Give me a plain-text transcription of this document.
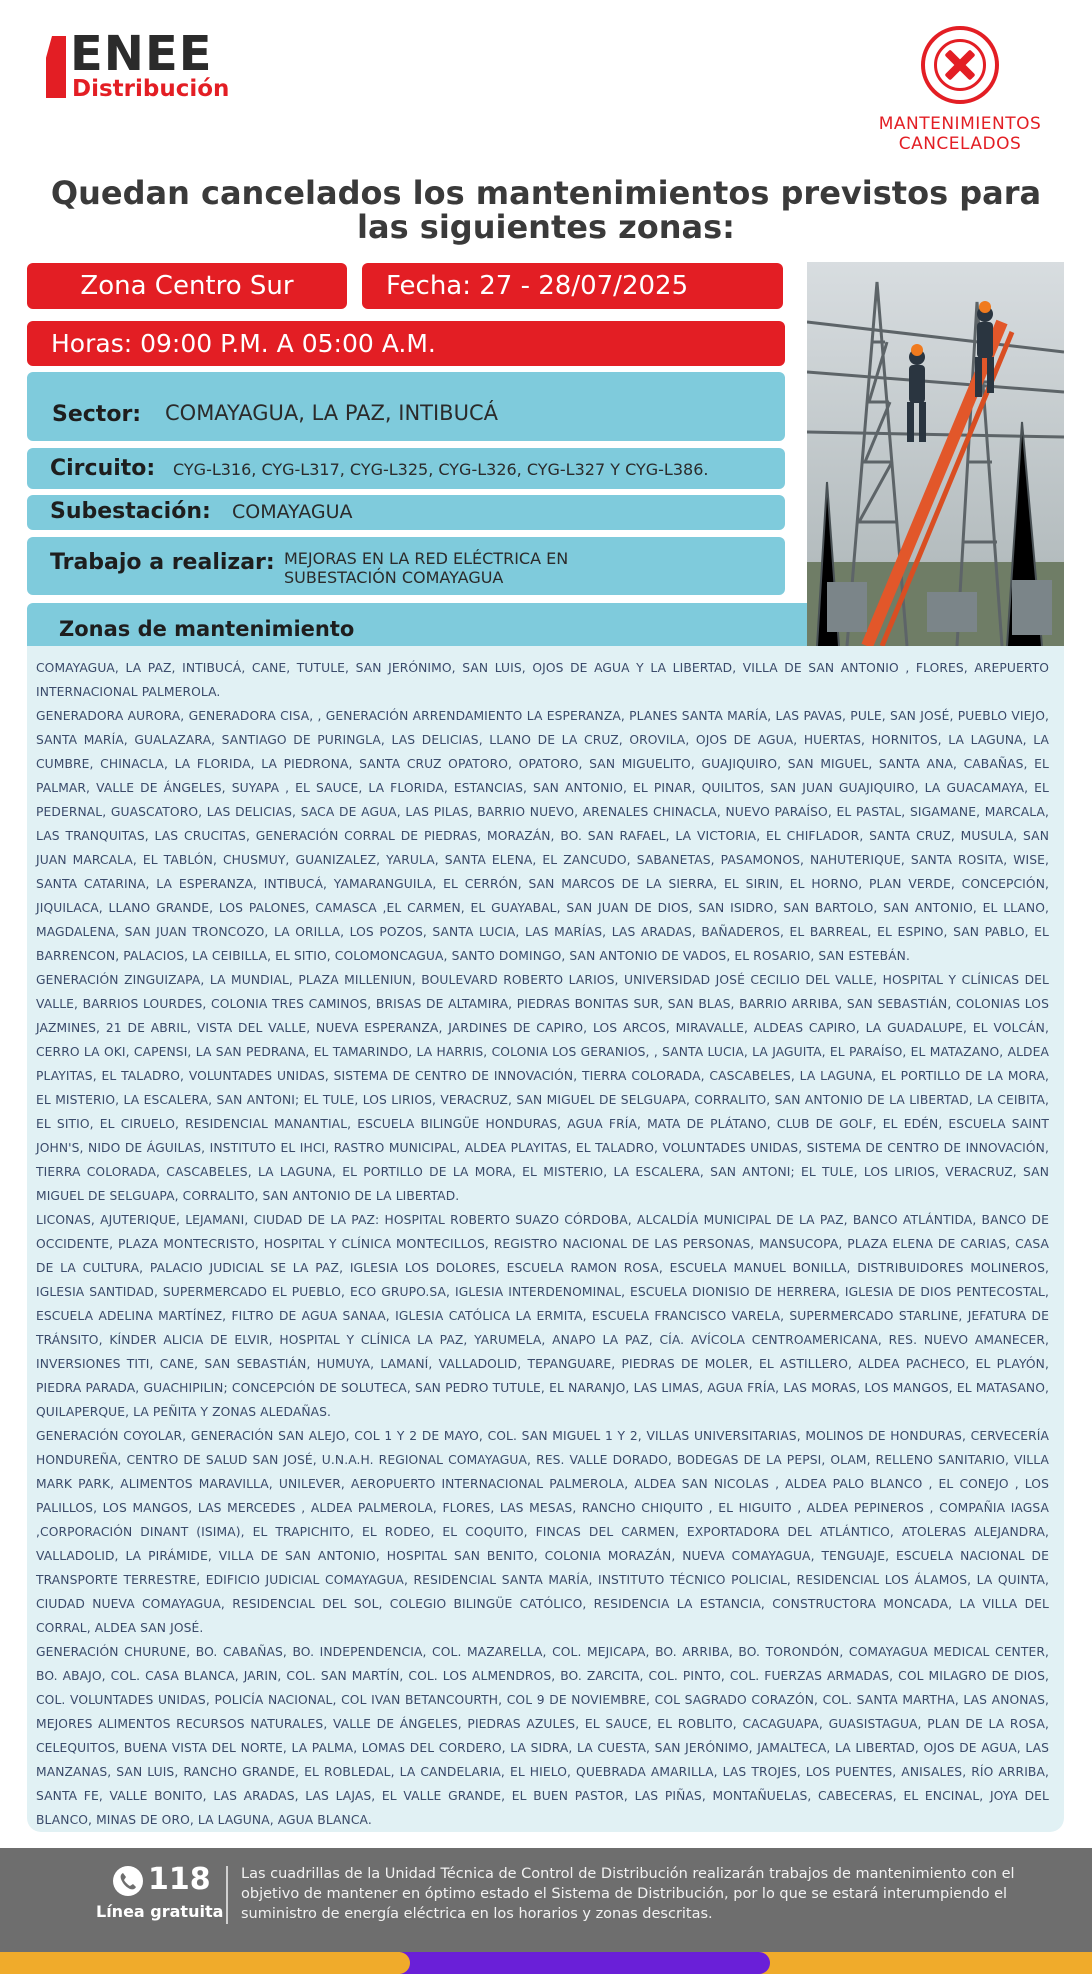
ENEE
Distribución
MANTENIMIENTOS CANCELADOS
Quedan cancelados los mantenimientos previstos para las siguientes zonas:
Zona Centro Sur	Fecha: 27 - 28/07/2025
Horas: 09:00 P.M. A 05:00 A.M.
Sector: COMAYAGUA, LA PAZ, INTIBUCÁ
Circuito: CYG-L316, CYG-L317, CYG-L325, CYG-L326, CYG-L327 Y CYG-L386.
Subestación: COMAYAGUA
Trabajo a realizar: MEJORAS EN LA RED ELÉCTRICA EN SUBESTACIÓN COMAYAGUA
Zonas de mantenimiento

COMAYAGUA, LA PAZ, INTIBUCÁ, CANE, TUTULE, SAN JERÓNIMO, SAN LUIS, OJOS DE AGUA Y LA LIBERTAD, VILLA DE SAN ANTONIO , FLORES, AREPUERTO INTERNACIONAL PALMEROLA.

GENERADORA AURORA, GENERADORA CISA, , GENERACIÓN ARRENDAMIENTO LA ESPERANZA, PLANES SANTA MARÍA, LAS PAVAS, PULE, SAN JOSÉ, PUEBLO VIEJO, SANTA MARÍA, GUALAZARA, SANTIAGO DE PURINGLA, LAS DELICIAS, LLANO DE LA CRUZ, OROVILA, OJOS DE AGUA, HUERTAS, HORNITOS, LA LAGUNA, LA CUMBRE, CHINACLA, LA FLORIDA, LA PIEDRONA, SANTA CRUZ OPATORO, OPATORO, SAN MIGUELITO, GUAJIQUIRO, SAN MIGUEL, SANTA ANA, CABAÑAS, EL PALMAR, VALLE DE ÁNGELES, SUYAPA , EL SAUCE, LA FLORIDA, ESTANCIAS, SAN ANTONIO, EL PINAR, QUILITOS, SAN JUAN GUAJIQUIRO, LA GUACAMAYA, EL PEDERNAL, GUASCATORO, LAS DELICIAS, SACA DE AGUA, LAS PILAS, BARRIO NUEVO, ARENALES CHINACLA, NUEVO PARAÍSO, EL PASTAL, SIGAMANE, MARCALA, LAS TRANQUITAS, LAS CRUCITAS, GENERACIÓN CORRAL DE PIEDRAS, MORAZÁN, BO. SAN RAFAEL, LA VICTORIA, EL CHIFLADOR, SANTA CRUZ, MUSULA, SAN JUAN MARCALA, EL TABLÓN, CHUSMUY, GUANIZALEZ, YARULA, SANTA ELENA, EL ZANCUDO, SABANETAS, PASAMONOS, NAHUTERIQUE, SANTA ROSITA, WISE, SANTA CATARINA, LA ESPERANZA, INTIBUCÁ, YAMARANGUILA, EL CERRÓN, SAN MARCOS DE LA SIERRA, EL SIRIN, EL HORNO, PLAN VERDE, CONCEPCIÓN, JIQUILACA, LLANO GRANDE, LOS PALONES, CAMASCA ,EL CARMEN, EL GUAYABAL, SAN JUAN DE DIOS, SAN ISIDRO, SAN BARTOLO, SAN ANTONIO, EL LLANO, MAGDALENA, SAN JUAN TRONCOZO, LA ORILLA, LOS POZOS, SANTA LUCIA, LAS MARÍAS, LAS ARADAS, BAÑADEROS, EL BARREAL, EL ESPINO, SAN PABLO, EL BARRENCON, PALACIOS, LA CEIBILLA, EL SITIO, COLOMONCAGUA, SANTO DOMINGO, SAN ANTONIO DE VADOS, EL ROSARIO, SAN ESTEBÁN.

GENERACIÓN ZINGUIZAPA, LA MUNDIAL, PLAZA MILLENIUN, BOULEVARD ROBERTO LARIOS, UNIVERSIDAD JOSÉ CECILIO DEL VALLE, HOSPITAL Y CLÍNICAS DEL VALLE, BARRIOS LOURDES, COLONIA TRES CAMINOS, BRISAS DE ALTAMIRA, PIEDRAS BONITAS SUR, SAN BLAS, BARRIO ARRIBA, SAN SEBASTIÁN, COLONIAS LOS JAZMINES, 21 DE ABRIL, VISTA DEL VALLE, NUEVA ESPERANZA, JARDINES DE CAPIRO, LOS ARCOS, MIRAVALLE, ALDEAS CAPIRO, LA GUADALUPE, EL VOLCÁN, CERRO LA OKI, CAPENSI, LA SAN PEDRANA, EL TAMARINDO, LA HARRIS, COLONIA LOS GERANIOS, , SANTA LUCIA, LA JAGUITA, EL PARAÍSO, EL MATAZANO, ALDEA PLAYITAS, EL TALADRO, VOLUNTADES UNIDAS, SISTEMA DE CENTRO DE INNOVACIÓN, TIERRA COLORADA, CASCABELES, LA LAGUNA, EL PORTILLO DE LA MORA, EL MISTERIO, LA ESCALERA, SAN ANTONI; EL TULE, LOS LIRIOS, VERACRUZ, SAN MIGUEL DE SELGUAPA, CORRALITO, SAN ANTONIO DE LA LIBERTAD, LA CEIBITA, EL SITIO, EL CIRUELO, RESIDENCIAL MANANTIAL, ESCUELA BILINGÜE HONDURAS, AGUA FRÍA, MATA DE PLÁTANO, CLUB DE GOLF, EL EDÉN, ESCUELA SAINT JOHN'S, NIDO DE ÁGUILAS, INSTITUTO EL IHCI, RASTRO MUNICIPAL, ALDEA PLAYITAS, EL TALADRO, VOLUNTADES UNIDAS, SISTEMA DE CENTRO DE INNOVACIÓN, TIERRA COLORADA, CASCABELES, LA LAGUNA, EL PORTILLO DE LA MORA, EL MISTERIO, LA ESCALERA, SAN ANTONI; EL TULE, LOS LIRIOS, VERACRUZ, SAN MIGUEL DE SELGUAPA, CORRALITO, SAN ANTONIO DE LA LIBERTAD.

LICONAS, AJUTERIQUE, LEJAMANI, CIUDAD DE LA PAZ: HOSPITAL ROBERTO SUAZO CÓRDOBA, ALCALDÍA MUNICIPAL DE LA PAZ, BANCO ATLÁNTIDA, BANCO DE OCCIDENTE, PLAZA MONTECRISTO, HOSPITAL Y CLÍNICA MONTECILLOS, REGISTRO NACIONAL DE LAS PERSONAS, MANSUCOPA, PLAZA ELENA DE CARIAS, CASA DE LA CULTURA, PALACIO JUDICIAL SE LA PAZ, IGLESIA LOS DOLORES, ESCUELA RAMON ROSA, ESCUELA MANUEL BONILLA, DISTRIBUIDORES MOLINEROS, IGLESIA SANTIDAD, SUPERMERCADO EL PUEBLO, ECO GRUPO.SA, IGLESIA INTERDENOMINAL, ESCUELA DIONISIO DE HERRERA, IGLESIA DE DIOS PENTECOSTAL, ESCUELA ADELINA MARTÍNEZ, FILTRO DE AGUA SANAA, IGLESIA CATÓLICA LA ERMITA, ESCUELA FRANCISCO VARELA, SUPERMERCADO STARLINE, JEFATURA DE TRÁNSITO, KÍNDER ALICIA DE ELVIR, HOSPITAL Y CLÍNICA LA PAZ, YARUMELA, ANAPO LA PAZ, CÍA. AVÍCOLA CENTROAMERICANA, RES. NUEVO AMANECER, INVERSIONES TITI, CANE, SAN SEBASTIÁN, HUMUYA, LAMANÍ, VALLADOLID, TEPANGUARE, PIEDRAS DE MOLER, EL ASTILLERO, ALDEA PACHECO, EL PLAYÓN, PIEDRA PARADA, GUACHIPILIN; CONCEPCIÓN DE SOLUTECA, SAN PEDRO TUTULE, EL NARANJO, LAS LIMAS, AGUA FRÍA, LAS MORAS, LOS MANGOS, EL MATASANO, QUILAPERQUE, LA PEÑITA Y ZONAS ALEDAÑAS.

GENERACIÓN COYOLAR, GENERACIÓN SAN ALEJO, COL 1 Y 2 DE MAYO, COL. SAN MIGUEL 1 Y 2, VILLAS UNIVERSITARIAS, MOLINOS DE HONDURAS, CERVECERÍA HONDUREÑA, CENTRO DE SALUD SAN JOSÉ, U.N.A.H. REGIONAL COMAYAGUA, RES. VALLE DORADO, BODEGAS DE LA PEPSI, OLAM, RELLENO SANITARIO, VILLA MARK PARK, ALIMENTOS MARAVILLA, UNILEVER, AEROPUERTO INTERNACIONAL PALMEROLA, ALDEA SAN NICOLAS , ALDEA PALO BLANCO , EL CONEJO , LOS PALILLOS, LOS MANGOS, LAS MERCEDES , ALDEA PALMEROLA, FLORES, LAS MESAS, RANCHO CHIQUITO , EL HIGUITO , ALDEA PEPINEROS , COMPAÑIA IAGSA ,CORPORACIÓN DINANT (ISIMA), EL TRAPICHITO, EL RODEO, EL COQUITO, FINCAS DEL CARMEN, EXPORTADORA DEL ATLÁNTICO, ATOLERAS ALEJANDRA, VALLADOLID, LA PIRÁMIDE, VILLA DE SAN ANTONIO, HOSPITAL SAN BENITO, COLONIA MORAZÁN, NUEVA COMAYAGUA, TENGUAJE, ESCUELA NACIONAL DE TRANSPORTE TERRESTRE, EDIFICIO JUDICIAL COMAYAGUA, RESIDENCIAL SANTA MARÍA, INSTITUTO TÉCNICO POLICIAL, RESIDENCIAL LOS ÁLAMOS, LA QUINTA, CIUDAD NUEVA COMAYAGUA, RESIDENCIAL DEL SOL, COLEGIO BILINGÜE CATÓLICO, RESIDENCIA LA ESTANCIA, CONSTRUCTORA MONCADA, LA VILLA DEL CORRAL, ALDEA SAN JOSÉ.

GENERACIÓN CHURUNE, BO. CABAÑAS, BO. INDEPENDENCIA, COL. MAZARELLA, COL. MEJICAPA, BO. ARRIBA, BO. TORONDÓN, COMAYAGUA MEDICAL CENTER, BO. ABAJO, COL. CASA BLANCA, JARIN, COL. SAN MARTÍN, COL. LOS ALMENDROS, BO. ZARCITA, COL. PINTO, COL. FUERZAS ARMADAS, COL MILAGRO DE DIOS, COL. VOLUNTADES UNIDAS, POLICÍA NACIONAL, COL IVAN BETANCOURTH, COL 9 DE NOVIEMBRE, COL SAGRADO CORAZÓN, COL. SANTA MARTHA, LAS ANONAS, MEJORES ALIMENTOS RECURSOS NATURALES, VALLE DE ÁNGELES, PIEDRAS AZULES, EL SAUCE, EL ROBLITO, CACAGUAPA, GUASISTAGUA, PLAN DE LA ROSA, CELEQUITOS, BUENA VISTA DEL NORTE, LA PALMA, LOMAS DEL CORDERO, LA SIDRA, LA CUESTA, SAN JERÓNIMO, JAMALTECA, LA LIBERTAD, OJOS DE AGUA, LAS MANZANAS, SAN LUIS, RANCHO GRANDE, EL ROBLEDAL, LA CANDELARIA, EL HIELO, QUEBRADA AMARILLA, LAS TROJES, LOS PUENTES, ANISALES, RÍO ARRIBA, SANTA FE, VALLE BONITO, LAS ARADAS, LAS LAJAS, EL VALLE GRANDE, EL BUEN PASTOR, LAS PIÑAS, MONTAÑUELAS, CABECERAS, EL ENCINAL, JOYA DEL BLANCO, MINAS DE ORO, LA LAGUNA, AGUA BLANCA.

118
Línea gratuita
Las cuadrillas de la Unidad Técnica de Control de Distribución realizarán trabajos de mantenimiento con el objetivo de mantener en óptimo estado el Sistema de Distribución, por lo que se estará interumpiendo el suministro de energía eléctrica en los horarios y zonas descritas.
